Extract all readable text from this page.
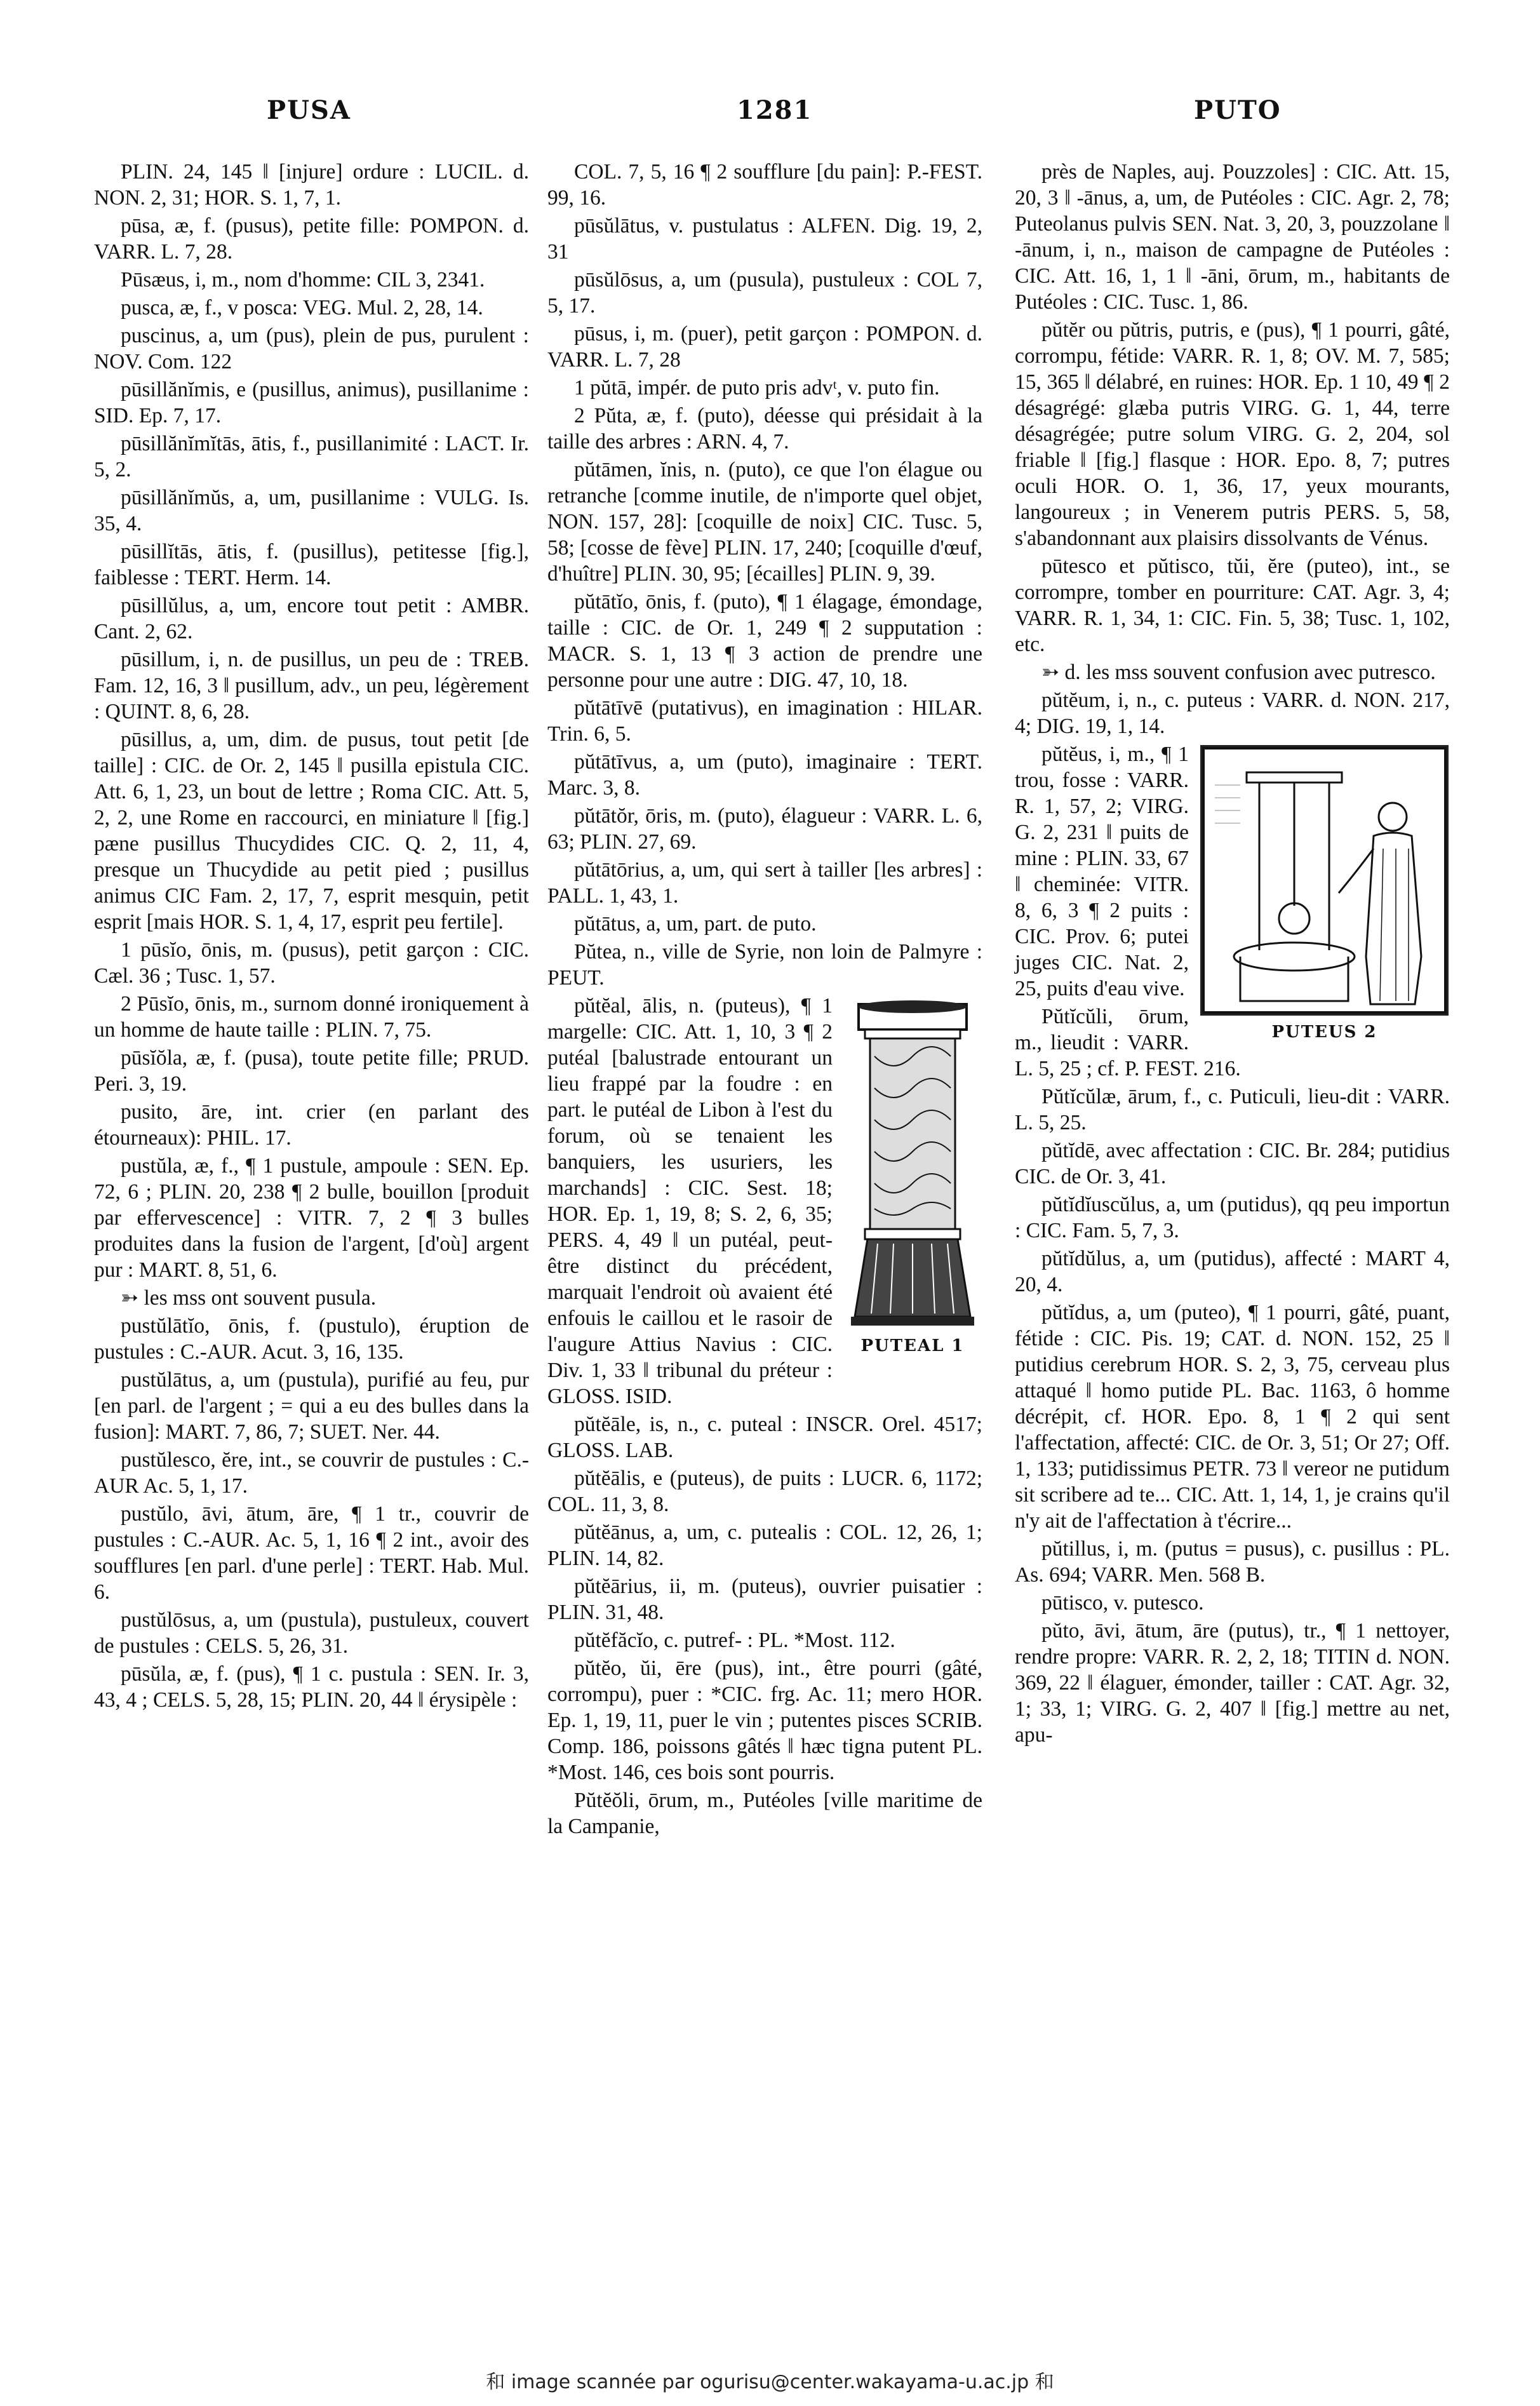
PUSA	1281	PUTO

PLIN. 24, 145 ‖ [injure] ordure : LUCIL. d. NON. 2, 31; HOR. S. 1, 7, 1.

pūsa, æ, f. (pusus), petite fille: POMPON. d. VARR. L. 7, 28.

Pūsæus, i, m., nom d'homme: CIL 3, 2341.

pusca, æ, f., v posca: VEG. Mul. 2, 28, 14.

puscinus, a, um (pus), plein de pus, purulent : NOV. Com. 122

pūsillănĭmis, e (pusillus, animus), pusillanime : SID. Ep. 7, 17.

pūsillănĭmĭtās, ātis, f., pusillanimité : LACT. Ir. 5, 2.

pūsillănĭmŭs, a, um, pusillanime : VULG. Is. 35, 4.

pūsillĭtās, ātis, f. (pusillus), petitesse [fig.], faiblesse : TERT. Herm. 14.

pūsillŭlus, a, um, encore tout petit : AMBR. Cant. 2, 62.

pūsillum, i, n. de pusillus, un peu de : TREB. Fam. 12, 16, 3 ‖ pusillum, adv., un peu, légèrement : QUINT. 8, 6, 28.

pūsillus, a, um, dim. de pusus, tout petit [de taille] : CIC. de Or. 2, 145 ‖ pusilla epistula CIC. Att. 6, 1, 23, un bout de lettre ; Roma CIC. Att. 5, 2, 2, une Rome en raccourci, en miniature ‖ [fig.] pæne pusillus Thucydides CIC. Q. 2, 11, 4, presque un Thucydide au petit pied ; pusillus animus CIC Fam. 2, 17, 7, esprit mesquin, petit esprit [mais HOR. S. 1, 4, 17, esprit peu fertile].

1 pūsĭo, ōnis, m. (pusus), petit garçon : CIC. Cæl. 36 ; Tusc. 1, 57.

2 Pūsĭo, ōnis, m., surnom donné ironiquement à un homme de haute taille : PLIN. 7, 75.

pūsĭŏla, æ, f. (pusa), toute petite fille; PRUD. Peri. 3, 19.

pusito, āre, int. crier (en parlant des étourneaux): PHIL. 17.

pustŭla, æ, f., ¶ 1 pustule, ampoule : SEN. Ep. 72, 6 ; PLIN. 20, 238 ¶ 2 bulle, bouillon [produit par effervescence] : VITR. 7, 2 ¶ 3 bulles produites dans la fusion de l'argent, [d'où] argent pur : MART. 8, 51, 6.

➳ les mss ont souvent pusula.

pustŭlātĭo, ōnis, f. (pustulo), éruption de pustules : C.-AUR. Acut. 3, 16, 135.

pustŭlātus, a, um (pustula), purifié au feu, pur [en parl. de l'argent ; = qui a eu des bulles dans la fusion]: MART. 7, 86, 7; SUET. Ner. 44.

pustŭlesco, ĕre, int., se couvrir de pustules : C.-AUR Ac. 5, 1, 17.

pustŭlo, āvi, ātum, āre, ¶ 1 tr., couvrir de pustules : C.-AUR. Ac. 5, 1, 16 ¶ 2 int., avoir des soufflures [en parl. d'une perle] : TERT. Hab. Mul. 6.

pustŭlōsus, a, um (pustula), pustuleux, couvert de pustules : CELS. 5, 26, 31.

pūsŭla, æ, f. (pus), ¶ 1 c. pustula : SEN. Ir. 3, 43, 4 ; CELS. 5, 28, 15; PLIN. 20, 44 ‖ érysipèle :

COL. 7, 5, 16 ¶ 2 soufflure [du pain]: P.-FEST. 99, 16.

pūsŭlātus, v. pustulatus : ALFEN. Dig. 19, 2, 31

pūsŭlōsus, a, um (pusula), pustuleux : COL 7, 5, 17.

pūsus, i, m. (puer), petit garçon : POMPON. d. VARR. L. 7, 28

1 pŭtā, impér. de puto pris advᵗ, v. puto fin.

2 Pŭta, æ, f. (puto), déesse qui présidait à la taille des arbres : ARN. 4, 7.

pŭtāmen, ĭnis, n. (puto), ce que l'on élague ou retranche [comme inutile, de n'importe quel objet, NON. 157, 28]: [coquille de noix] CIC. Tusc. 5, 58; [cosse de fève] PLIN. 17, 240; [coquille d'œuf, d'huître] PLIN. 30, 95; [écailles] PLIN. 9, 39.

pŭtātĭo, ōnis, f. (puto), ¶ 1 élagage, émondage, taille : CIC. de Or. 1, 249 ¶ 2 supputation : MACR. S. 1, 13 ¶ 3 action de prendre une personne pour une autre : DIG. 47, 10, 18.

pŭtātīvē (putativus), en imagination : HILAR. Trin. 6, 5.

pŭtātīvus, a, um (puto), imaginaire : TERT. Marc. 3, 8.

pŭtātŏr, ōris, m. (puto), élagueur : VARR. L. 6, 63; PLIN. 27, 69.

pŭtātōrius, a, um, qui sert à tailler [les arbres] : PALL. 1, 43, 1.

pŭtātus, a, um, part. de puto.

Pŭtea, n., ville de Syrie, non loin de Palmyre : PEUT.

PUTEAL 1

pŭtĕal, ālis, n. (puteus), ¶ 1 margelle: CIC. Att. 1, 10, 3 ¶ 2 putéal [balustrade entourant un lieu frappé par la foudre : en part. le putéal de Libon à l'est du forum, où se tenaient les banquiers, les usuriers, les marchands] : CIC. Sest. 18; HOR. Ep. 1, 19, 8; S. 2, 6, 35; PERS. 4, 49 ‖ un putéal, peut-être distinct du précédent, marquait l'endroit où avaient été enfouis le caillou et le rasoir de l'augure Attius Navius : CIC. Div. 1, 33 ‖ tribunal du préteur : GLOSS. ISID.

pŭtĕāle, is, n., c. puteal : INSCR. Orel. 4517; GLOSS. LAB.

pŭtĕālis, e (puteus), de puits : LUCR. 6, 1172; COL. 11, 3, 8.

pŭtĕānus, a, um, c. putealis : COL. 12, 26, 1; PLIN. 14, 82.

pŭtĕārius, ii, m. (puteus), ouvrier puisatier : PLIN. 31, 48.

pŭtĕfăcĭo, c. putref- : PL. *Most. 112.

pŭtĕo, ŭi, ēre (pus), int., être pourri (gâté, corrompu), puer : *CIC. frg. Ac. 11; mero HOR. Ep. 1, 19, 11, puer le vin ; putentes pisces SCRIB. Comp. 186, poissons gâtés ‖ hæc tigna putent PL. *Most. 146, ces bois sont pourris.

Pŭtĕŏli, ōrum, m., Putéoles [ville maritime de la Campanie,

près de Naples, auj. Pouzzoles] : CIC. Att. 15, 20, 3 ‖ -ānus, a, um, de Putéoles : CIC. Agr. 2, 78; Puteolanus pulvis SEN. Nat. 3, 20, 3, pouzzolane ‖ -ānum, i, n., maison de campagne de Putéoles : CIC. Att. 16, 1, 1 ‖ -āni, ōrum, m., habitants de Putéoles : CIC. Tusc. 1, 86.

pŭtĕr ou pŭtris, putris, e (pus), ¶ 1 pourri, gâté, corrompu, fétide: VARR. R. 1, 8; OV. M. 7, 585; 15, 365 ‖ délabré, en ruines: HOR. Ep. 1 10, 49 ¶ 2 désagrégé: glæba putris VIRG. G. 1, 44, terre désagrégée; putre solum VIRG. G. 2, 204, sol friable ‖ [fig.] flasque : HOR. Epo. 8, 7; putres oculi HOR. O. 1, 36, 17, yeux mourants, langoureux ; in Venerem putris PERS. 5, 58, s'abandonnant aux plaisirs dissolvants de Vénus.

pūtesco et pŭtisco, tŭi, ĕre (puteo), int., se corrompre, tomber en pourriture: CAT. Agr. 3, 4; VARR. R. 1, 34, 1: CIC. Fin. 5, 38; Tusc. 1, 102, etc.

➳ d. les mss souvent confusion avec putresco.

pŭtĕum, i, n., c. puteus : VARR. d. NON. 217, 4; DIG. 19, 1, 14.

PUTEUS 2

pŭtĕus, i, m., ¶ 1 trou, fosse : VARR. R. 1, 57, 2; VIRG. G. 2, 231 ‖ puits de mine : PLIN. 33, 67 ‖ cheminée: VITR. 8, 6, 3 ¶ 2 puits : CIC. Prov. 6; putei juges CIC. Nat. 2, 25, puits d'eau vive.

Pŭtĭcŭli, ōrum, m., lieudit : VARR. L. 5, 25 ; cf. P. FEST. 216.

Pŭtĭcŭlæ, ārum, f., c. Puticuli, lieu-dit : VARR. L. 5, 25.

pŭtĭdē, avec affectation : CIC. Br. 284; putidius CIC. de Or. 3, 41.

pŭtĭdĭuscŭlus, a, um (putidus), qq peu importun : CIC. Fam. 5, 7, 3.

pŭtĭdŭlus, a, um (putidus), affecté : MART 4, 20, 4.

pŭtĭdus, a, um (puteo), ¶ 1 pourri, gâté, puant, fétide : CIC. Pis. 19; CAT. d. NON. 152, 25 ‖ putidius cerebrum HOR. S. 2, 3, 75, cerveau plus attaqué ‖ homo putide PL. Bac. 1163, ô homme décrépit, cf. HOR. Epo. 8, 1 ¶ 2 qui sent l'affectation, affecté: CIC. de Or. 3, 51; Or 27; Off. 1, 133; putidissimus PETR. 73 ‖ vereor ne putidum sit scribere ad te... CIC. Att. 1, 14, 1, je crains qu'il n'y ait de l'affectation à t'écrire...

pŭtillus, i, m. (putus = pusus), c. pusillus : PL. As. 694; VARR. Men. 568 B.

pūtisco, v. putesco.

pŭto, āvi, ātum, āre (putus), tr., ¶ 1 nettoyer, rendre propre: VARR. R. 2, 2, 18; TITIN d. NON. 369, 22 ‖ élaguer, émonder, tailler : CAT. Agr. 32, 1; 33, 1; VIRG. G. 2, 407 ‖ [fig.] mettre au net, apu-

和 image scannée par ogurisu@center.wakayama-u.ac.jp 和
